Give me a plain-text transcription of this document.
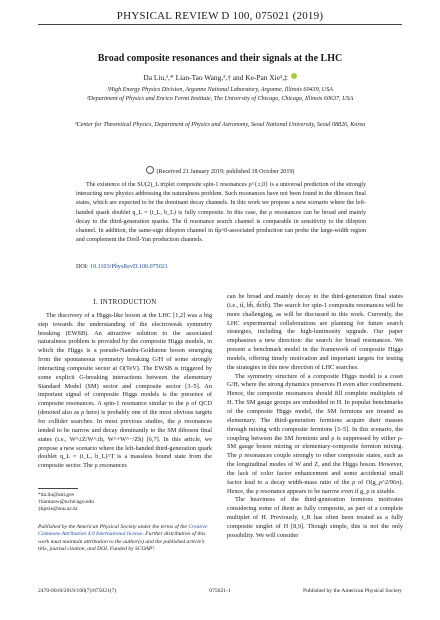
PHYSICAL REVIEW D 100, 075021 (2019)
Broad composite resonances and their signals at the LHC
Da Liu,¹,* Lian-Tao Wang,²,† and Ke-Pan Xie³,‡
¹High Energy Physics Division, Argonne National Laboratory, Argonne, Illinois 60439, USA
²Department of Physics and Enrico Fermi Institute, The University of Chicago, Chicago, Illinois 60637, USA
³Center for Theoretical Physics, Department of Physics and Astronomy, Seoul National University, Seoul 08826, Korea
(Received 21 January 2019; published 18 October 2019)
The existence of the SU(2)_L triplet composite spin-1 resonances ρ^{±,0} is a universal prediction of the strongly interacting new physics addressing the naturalness problem. Such resonances have not been found in the diboson final states, which are expected to be the dominant decay channels. In this work we propose a new scenario where the left-handed quark doublet q_L = (t_L, b_L) is fully composite. In this case, the ρ resonances can be broad and mainly decay to the third-generation quarks. The tt̄ resonance search channel is comparable in sensitivity to the dilepton channel. In addition, the same-sign dilepton channel in tt̄ρ^0-associated production can probe the large-width region and complement the Drell-Yan production channels.
DOI: 10.1103/PhysRevD.100.075021
I. INTRODUCTION

The discovery of a Higgs-like boson at the LHC [1,2] was a big step towards the understanding of the electroweak symmetry breaking (EWSB). An attractive solution to the associated naturalness problem is provided by the composite Higgs models, in which the Higgs is a pseudo-Nambu-Goldstone boson emerging from the spontaneous symmetry breaking G/H of some strongly interacting composite sector at O(TeV). The EWSB is triggered by some explicit G-breaking interactions between the elementary Standard Model (SM) sector and composite sector [3–5]. An important signal of composite Higgs models is the presence of composite resonances. A spin-1 resonance similar to the ρ of QCD (denoted also as ρ here) is probably one of the most obvious targets for collider searches. In most previous studies, the ρ resonances tended to be narrow and decay dominantly to the SM diboson final states (i.e., W^±Z/W^±h, W^+W^−/Zh) [6,7]. In this article, we propose a new scenario where the left-handed third-generation quark doublet q_L = (t_L, b_L)^T is a massless bound state from the composite sector. The ρ resonances

can be broad and mainly decay to the third-generation final states (i.e., tt̄, bb̄, tb̄/tb̄). The search for spin-1 composite resonances will be more challenging, as will be discussed in this work. Currently, the LHC experimental collaborations are planning for future search strategies, including the high-luminosity upgrade. Our paper emphasizes a new direction: the search for broad resonances. We present a benchmark model in the framework of composite Higgs models, offering timely motivation and important targets for testing the strategies in this new direction of LHC searches.

The symmetry structure of a composite Higgs model is a coset G/H, where the strong dynamics preserves H even after confinement. Hence, the composite resonances should fill complete multiplets of H. The SM gauge groups are embedded in H. In popular benchmarks of the composite Higgs model, the SM fermions are treated as elementary. The third-generation fermions acquire their masses through mixing with composite fermions [3–5]. In this scenario, the coupling between the SM fermions and ρ is suppressed by either ρ-SM gauge boson mixing or elementary-composite fermion mixing. The ρ resonances couple strongly to other composite states, such as the longitudinal modes of W and Z, and the Higgs boson. However, the lack of color factor enhancement and some accidental small factor lead to a decay width-mass ratio of the ρ of O(g_ρ^2/96π). Hence, the ρ resonance appears to be narrow even if g_ρ is sizable.

The heaviness of the third-generation fermions motivates considering some of them as fully composite, as part of a complete multiplet of H. Previously, t_R has often been treated as a fully composite singlet of H [8,9]. Though simple, this is not the only possibility. We will consider

*da.liu@anl.gov
†liantaow@uchicago.edu
‡kpxie@snu.ac.kr
Published by the American Physical Society under the terms of the Creative Commons Attribution 4.0 International license. Further distribution of this work must maintain attribution to the author(s) and the published article’s title, journal citation, and DOI. Funded by SCOAP³.
2470-0010/2019/100(7)/075021(7)	075021-1	Published by the American Physical Society
